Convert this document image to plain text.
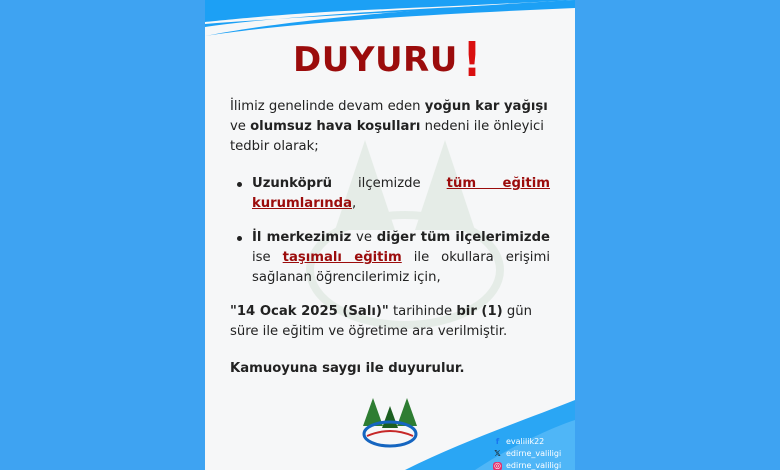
DUYURU !

İlimiz genelinde devam eden yoğun kar yağışı ve olumsuz hava koşulları nedeni ile önleyici tedbir olarak;

Uzunköprü ilçemizde tüm eğitim kurumlarında,

İl merkezimiz ve diğer tüm ilçelerimizde ise taşımalı eğitim ile okullara erişimi sağlanan öğrencilerimiz için,

"14 Ocak 2025 (Salı)" tarihinde bir (1) gün süre ile eğitim ve öğretime ara verilmiştir.

Kamuoyuna saygı ile duyurulur.

f evalilik22
𝕏 edirne_valiligi
◎ edirne_valiligi
